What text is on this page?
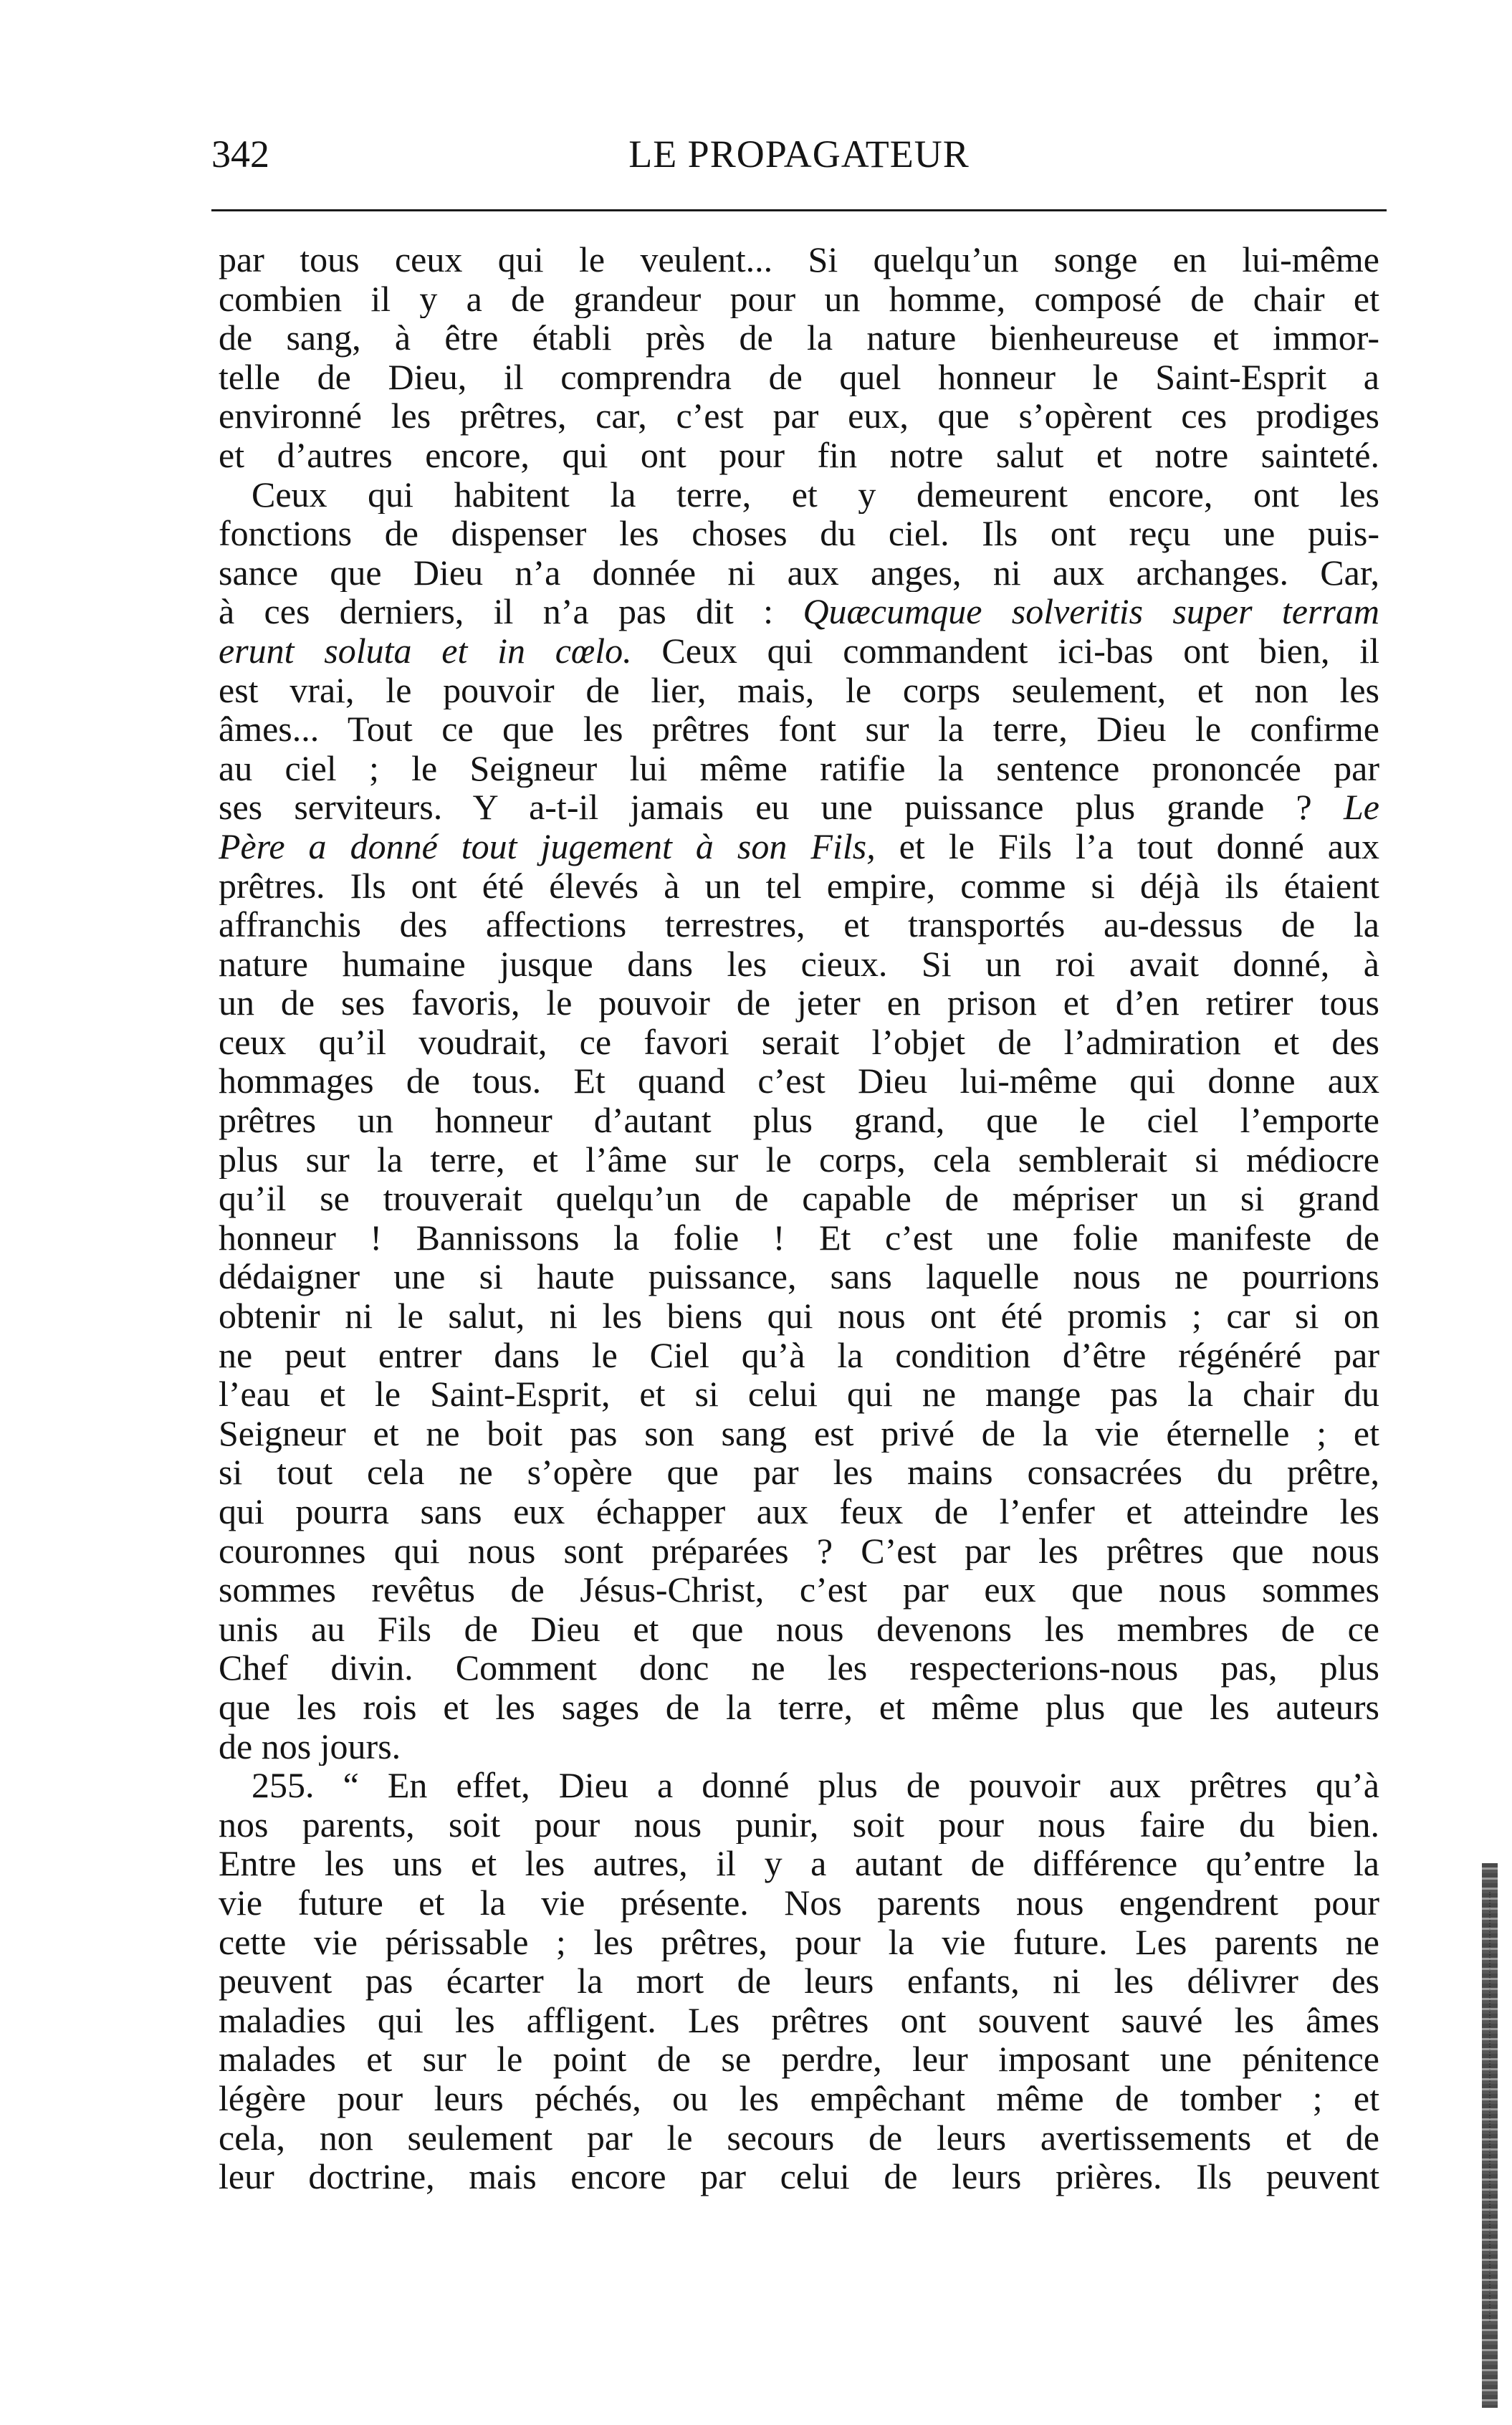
342	LE PROPAGATEUR
par tous ceux qui le veulent... Si quelqu’un songe en lui-même
combien il y a de grandeur pour un homme, composé de chair et
de sang, à être établi près de la nature bienheureuse et immor-
telle de Dieu, il comprendra de quel honneur le Saint-Esprit a
environné les prêtres, car, c’est par eux, que s’opèrent ces prodiges
et d’autres encore, qui ont pour fin notre salut et notre sainteté.
Ceux qui habitent la terre, et y demeurent encore, ont les
fonctions de dispenser les choses du ciel. Ils ont reçu une puis-
sance que Dieu n’a donnée ni aux anges, ni aux archanges. Car,
à ces derniers, il n’a pas dit : Quæcumque solveritis super terram
erunt soluta et in cœlo. Ceux qui commandent ici-bas ont bien, il
est vrai, le pouvoir de lier, mais, le corps seulement, et non les
âmes... Tout ce que les prêtres font sur la terre, Dieu le confirme
au ciel ; le Seigneur lui même ratifie la sentence prononcée par
ses serviteurs. Y a-t-il jamais eu une puissance plus grande ? Le
Père a donné tout jugement à son Fils, et le Fils l’a tout donné aux
prêtres. Ils ont été élevés à un tel empire, comme si déjà ils étaient
affranchis des affections terrestres, et transportés au-dessus de la
nature humaine jusque dans les cieux. Si un roi avait donné, à
un de ses favoris, le pouvoir de jeter en prison et d’en retirer tous
ceux qu’il voudrait, ce favori serait l’objet de l’admiration et des
hommages de tous. Et quand c’est Dieu lui-même qui donne aux
prêtres un honneur d’autant plus grand, que le ciel l’emporte
plus sur la terre, et l’âme sur le corps, cela semblerait si médiocre
qu’il se trouverait quelqu’un de capable de mépriser un si grand
honneur ! Bannissons la folie ! Et c’est une folie manifeste de
dédaigner une si haute puissance, sans laquelle nous ne pourrions
obtenir ni le salut, ni les biens qui nous ont été promis ; car si on
ne peut entrer dans le Ciel qu’à la condition d’être régénéré par
l’eau et le Saint-Esprit, et si celui qui ne mange pas la chair du
Seigneur et ne boit pas son sang est privé de la vie éternelle ; et
si tout cela ne s’opère que par les mains consacrées du prêtre,
qui pourra sans eux échapper aux feux de l’enfer et atteindre les
couronnes qui nous sont préparées ? C’est par les prêtres que nous
sommes revêtus de Jésus-Christ, c’est par eux que nous sommes
unis au Fils de Dieu et que nous devenons les membres de ce
Chef divin. Comment donc ne les respecterions-nous pas, plus
que les rois et les sages de la terre, et même plus que les auteurs
de nos jours.
255. “ En effet, Dieu a donné plus de pouvoir aux prêtres qu’à
nos parents, soit pour nous punir, soit pour nous faire du bien.
Entre les uns et les autres, il y a autant de différence qu’entre la
vie future et la vie présente. Nos parents nous engendrent pour
cette vie périssable ; les prêtres, pour la vie future. Les parents ne
peuvent pas écarter la mort de leurs enfants, ni les délivrer des
maladies qui les affligent. Les prêtres ont souvent sauvé les âmes
malades et sur le point de se perdre, leur imposant une pénitence
légère pour leurs péchés, ou les empêchant même de tomber ; et
cela, non seulement par le secours de leurs avertissements et de
leur doctrine, mais encore par celui de leurs prières. Ils peuvent
